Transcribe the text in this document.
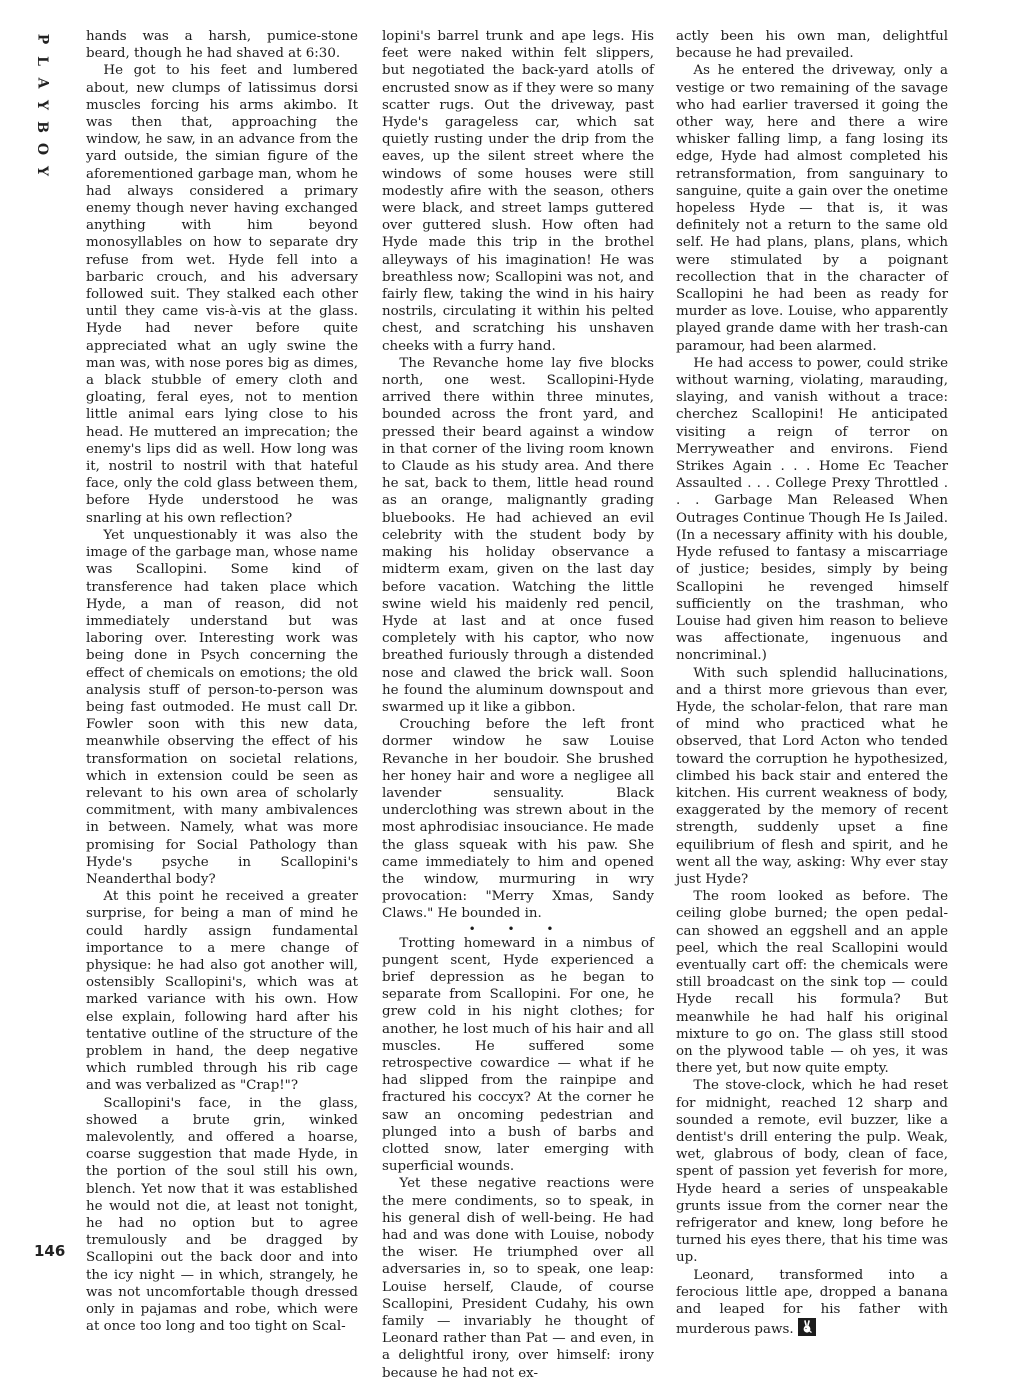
P
L
A
Y
B
O
Y

hands was a harsh, pumice-stone beard, though he had shaved at 6:30.

He got to his feet and lumbered about, new clumps of latissimus dorsi muscles forcing his arms akimbo. It was then that, approaching the window, he saw, in an advance from the yard outside, the simian figure of the aforementioned garbage man, whom he had always considered a primary enemy though never having exchanged anything with him beyond monosyllables on how to separate dry refuse from wet. Hyde fell into a barbaric crouch, and his adversary followed suit. They stalked each other until they came vis-à-vis at the glass. Hyde had never before quite appreciated what an ugly swine the man was, with nose pores big as dimes, a black stubble of emery cloth and gloating, feral eyes, not to mention little animal ears lying close to his head. He muttered an imprecation; the enemy's lips did as well. How long was it, nostril to nostril with that hateful face, only the cold glass between them, before Hyde understood he was snarling at his own reflection?

Yet unquestionably it was also the image of the garbage man, whose name was Scallopini. Some kind of transference had taken place which Hyde, a man of reason, did not immediately understand but was laboring over. Interesting work was being done in Psych concerning the effect of chemicals on emotions; the old analysis stuff of person-to-person was being fast outmoded. He must call Dr. Fowler soon with this new data, meanwhile observing the effect of his transformation on societal relations, which in extension could be seen as relevant to his own area of scholarly commitment, with many ambivalences in between. Namely, what was more promising for Social Pathology than Hyde's psyche in Scallopini's Neanderthal body?

At this point he received a greater surprise, for being a man of mind he could hardly assign fundamental importance to a mere change of physique: he had also got another will, ostensibly Scallopini's, which was at marked variance with his own. How else explain, following hard after his tentative outline of the structure of the problem in hand, the deep negative which rumbled through his rib cage and was verbalized as "Crap!"?

Scallopini's face, in the glass, showed a brute grin, winked malevolently, and offered a hoarse, coarse suggestion that made Hyde, in the portion of the soul still his own, blench. Yet now that it was established he would not die, at least not tonight, he had no option but to agree tremulously and be dragged by Scallopini out the back door and into the icy night — in which, strangely, he was not uncomfortable though dressed only in pajamas and robe, which were at once too long and too tight on Scal-

lopini's barrel trunk and ape legs. His feet were naked within felt slippers, but negotiated the back-yard atolls of encrusted snow as if they were so many scatter rugs. Out the driveway, past Hyde's garageless car, which sat quietly rusting under the drip from the eaves, up the silent street where the windows of some houses were still modestly afire with the season, others were black, and street lamps guttered over guttered slush. How often had Hyde made this trip in the brothel alleyways of his imagination! He was breathless now; Scallopini was not, and fairly flew, taking the wind in his hairy nostrils, circulating it within his pelted chest, and scratching his unshaven cheeks with a furry hand.

The Revanche home lay five blocks north, one west. Scallopini-Hyde arrived there within three minutes, bounded across the front yard, and pressed their beard against a window in that corner of the living room known to Claude as his study area. And there he sat, back to them, little head round as an orange, malignantly grading bluebooks. He had achieved an evil celebrity with the student body by making his holiday observance a midterm exam, given on the last day before vacation. Watching the little swine wield his maidenly red pencil, Hyde at last and at once fused completely with his captor, who now breathed furiously through a distended nose and clawed the brick wall. Soon he found the aluminum downspout and swarmed up it like a gibbon.

Crouching before the left front dormer window he saw Louise Revanche in her boudoir. She brushed her honey hair and wore a negligee all lavender sensuality. Black underclothing was strewn about in the most aphrodisiac insouciance. He made the glass squeak with his paw. She came immediately to him and opened the window, murmuring in wry provocation: "Merry Xmas, Sandy Claws." He bounded in.

• • •

Trotting homeward in a nimbus of pungent scent, Hyde experienced a brief depression as he began to separate from Scallopini. For one, he grew cold in his night clothes; for another, he lost much of his hair and all muscles. He suffered some retrospective cowardice — what if he had slipped from the rainpipe and fractured his coccyx? At the corner he saw an oncoming pedestrian and plunged into a bush of barbs and clotted snow, later emerging with superficial wounds.

Yet these negative reactions were the mere condiments, so to speak, in his general dish of well-being. He had had and was done with Louise, nobody the wiser. He triumphed over all adversaries in, so to speak, one leap: Louise herself, Claude, of course Scallopini, President Cudahy, his own family — invariably he thought of Leonard rather than Pat — and even, in a delightful irony, over himself: irony because he had not ex-

actly been his own man, delightful because he had prevailed.

As he entered the driveway, only a vestige or two remaining of the savage who had earlier traversed it going the other way, here and there a wire whisker falling limp, a fang losing its edge, Hyde had almost completed his retransformation, from sanguinary to sanguine, quite a gain over the onetime hopeless Hyde — that is, it was definitely not a return to the same old self. He had plans, plans, plans, which were stimulated by a poignant recollection that in the character of Scallopini he had been as ready for murder as love. Louise, who apparently played grande dame with her trash-can paramour, had been alarmed.

He had access to power, could strike without warning, violating, marauding, slaying, and vanish without a trace: cherchez Scallopini! He anticipated visiting a reign of terror on Merryweather and environs. Fiend Strikes Again . . . Home Ec Teacher Assaulted . . . College Prexy Throttled . . . Garbage Man Released When Outrages Continue Though He Is Jailed. (In a necessary affinity with his double, Hyde refused to fantasy a miscarriage of justice; besides, simply by being Scallopini he revenged himself sufficiently on the trashman, who Louise had given him reason to believe was affectionate, ingenuous and noncriminal.)

With such splendid hallucinations, and a thirst more grievous than ever, Hyde, the scholar-felon, that rare man of mind who practiced what he observed, that Lord Acton who tended toward the corruption he hypothesized, climbed his back stair and entered the kitchen. His current weakness of body, exaggerated by the memory of recent strength, suddenly upset a fine equilibrium of flesh and spirit, and he went all the way, asking: Why ever stay just Hyde?

The room looked as before. The ceiling globe burned; the open pedal-can showed an eggshell and an apple peel, which the real Scallopini would eventually cart off: the chemicals were still broadcast on the sink top — could Hyde recall his formula? But meanwhile he had half his original mixture to go on. The glass still stood on the plywood table — oh yes, it was there yet, but now quite empty.

The stove-clock, which he had reset for midnight, reached 12 sharp and sounded a remote, evil buzzer, like a dentist's drill entering the pulp. Weak, wet, glabrous of body, clean of face, spent of passion yet feverish for more, Hyde heard a series of unspeakable grunts issue from the corner near the refrigerator and knew, long before he turned his eyes there, that his time was up.

Leonard, transformed into a ferocious little ape, dropped a banana and leaped for his father with murderous paws.

146
